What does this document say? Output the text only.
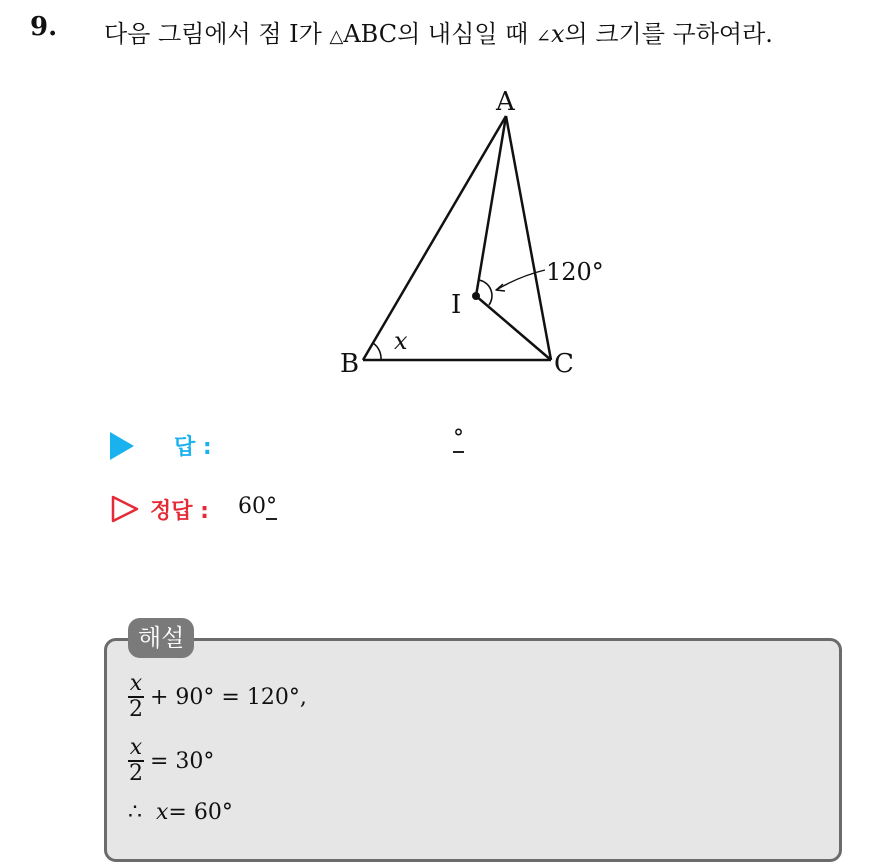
9. 다음 그림에서 점 I가 △ABC의 내심일 때 ∠x의 크기를 구하여라.
A
B	C
I
x
120°
답 :	°
정답 : 60°
해설
$\frac{x}{2} + 90^\circ = 120^\circ$,
$\frac{x}{2} = 30^\circ$
∴
x = 60°
